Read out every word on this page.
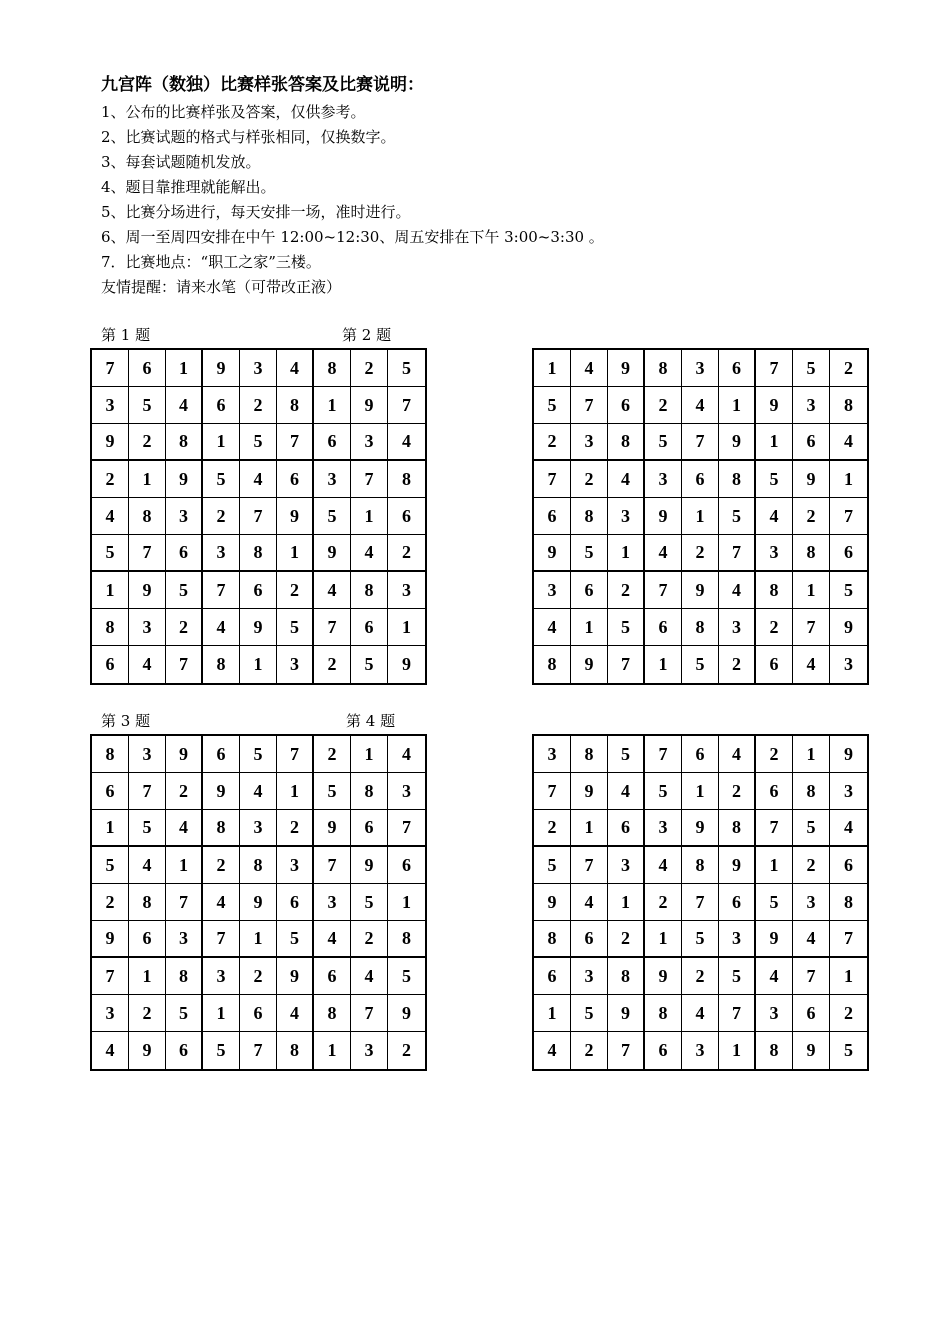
九宫阵（数独）比赛样张答案及比赛说明：
1、公布的比赛样张及答案，仅供参考。
2、比赛试题的格式与样张相同，仅换数字。
3、每套试题随机发放。
4、题目靠推理就能解出。
5、比赛分场进行，每天安排一场，准时进行。
6、周一至周四安排在中午 12:00~12:30、周五安排在下午 3:00~3:30 。
7．比赛地点：“职工之家”三楼。
友情提醒：请来水笔（可带改正液）
第 1 题	第 2 题
第 3 题	第 4 题
7	6	1	9	3	4	8	2	5
3	5	4	6	2	8	1	9	7
9	2	8	1	5	7	6	3	4
2	1	9	5	4	6	3	7	8
4	8	3	2	7	9	5	1	6
5	7	6	3	8	1	9	4	2
1	9	5	7	6	2	4	8	3
8	3	2	4	9	5	7	6	1
6	4	7	8	1	3	2	5	9
1	4	9	8	3	6	7	5	2
5	7	6	2	4	1	9	3	8
2	3	8	5	7	9	1	6	4
7	2	4	3	6	8	5	9	1
6	8	3	9	1	5	4	2	7
9	5	1	4	2	7	3	8	6
3	6	2	7	9	4	8	1	5
4	1	5	6	8	3	2	7	9
8	9	7	1	5	2	6	4	3
8	3	9	6	5	7	2	1	4
6	7	2	9	4	1	5	8	3
1	5	4	8	3	2	9	6	7
5	4	1	2	8	3	7	9	6
2	8	7	4	9	6	3	5	1
9	6	3	7	1	5	4	2	8
7	1	8	3	2	9	6	4	5
3	2	5	1	6	4	8	7	9
4	9	6	5	7	8	1	3	2
3	8	5	7	6	4	2	1	9
7	9	4	5	1	2	6	8	3
2	1	6	3	9	8	7	5	4
5	7	3	4	8	9	1	2	6
9	4	1	2	7	6	5	3	8
8	6	2	1	5	3	9	4	7
6	3	8	9	2	5	4	7	1
1	5	9	8	4	7	3	6	2
4	2	7	6	3	1	8	9	5
